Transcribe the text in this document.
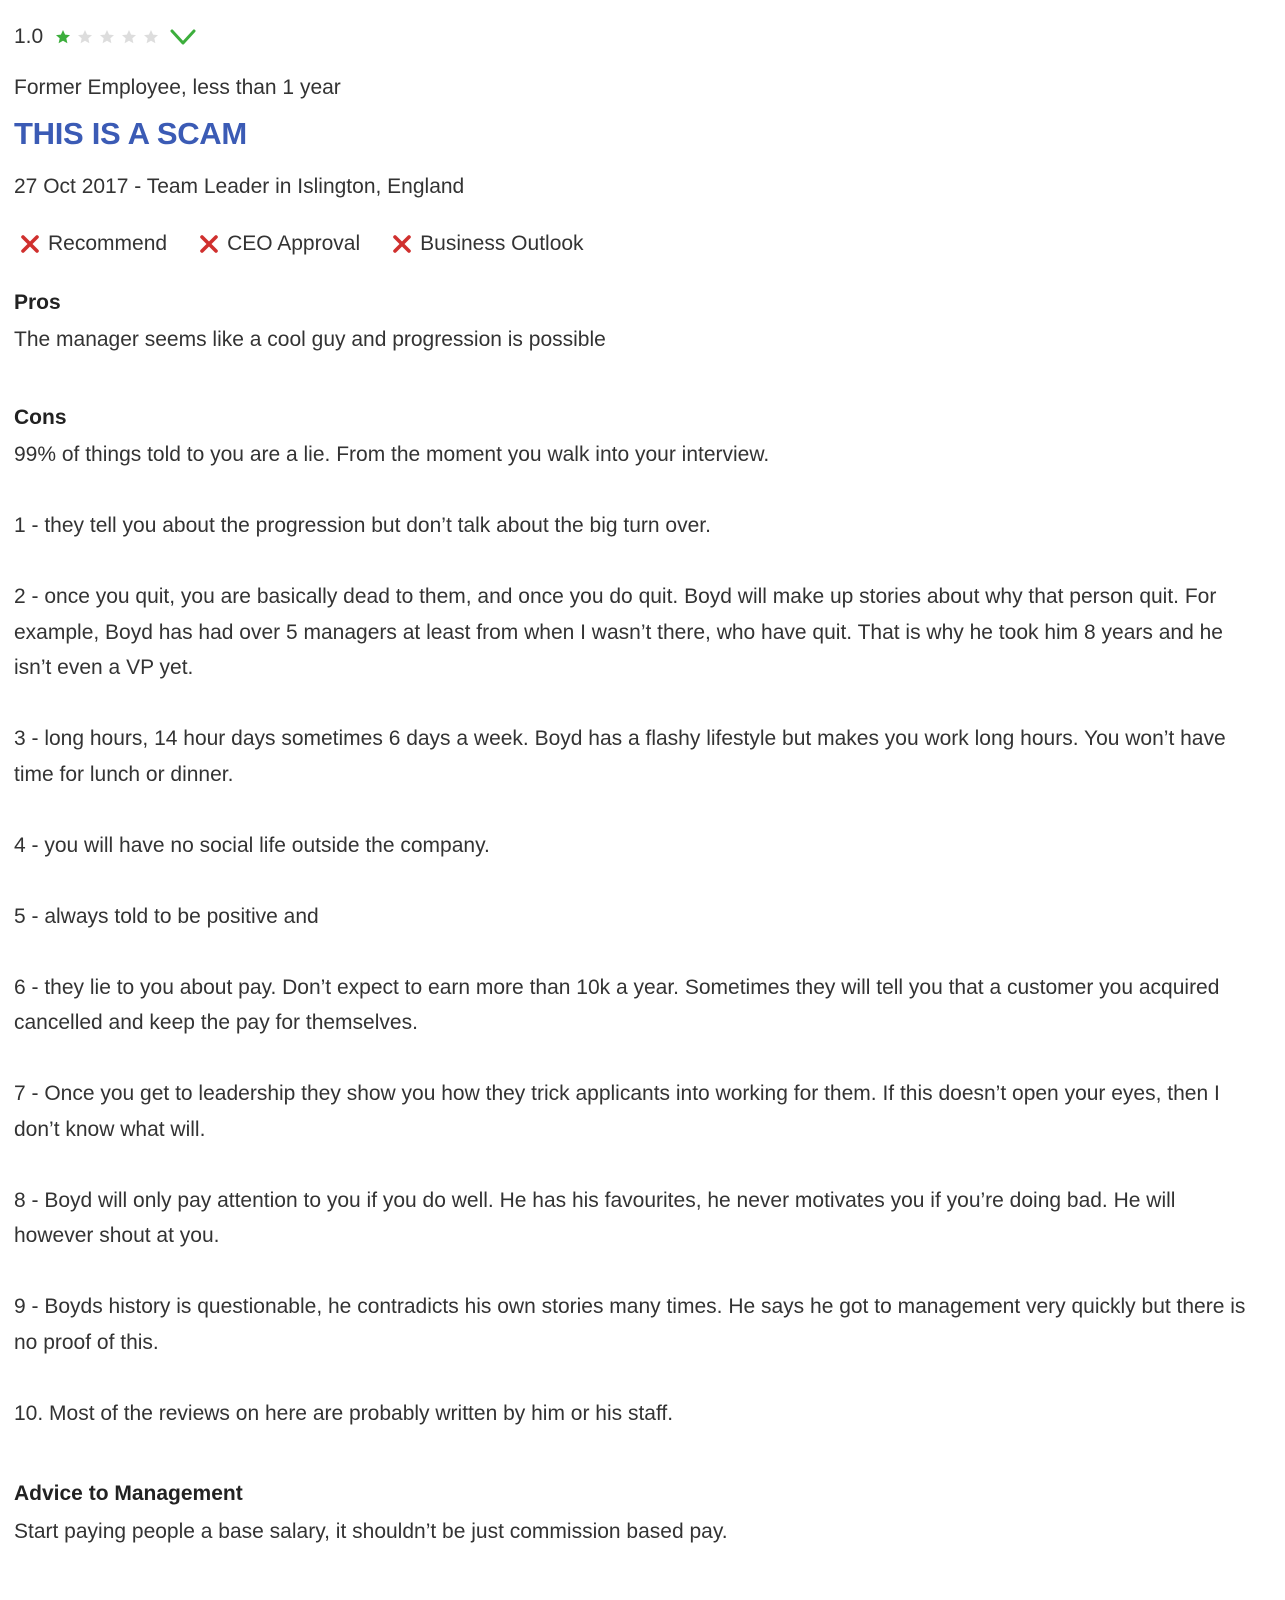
1.0
Former Employee, less than 1 year
THIS IS A SCAM
27 Oct 2017 - Team Leader in Islington, England
Recommend	CEO Approval	Business Outlook
Pros
The manager seems like a cool guy and progression is possible
Cons

99% of things told to you are a lie. From the moment you walk into your interview.

1 - they tell you about the progression but don’t talk about the big turn over.

2 - once you quit, you are basically dead to them, and once you do quit. Boyd will make up stories about why that person quit. For example, Boyd has had over 5 managers at least from when I wasn’t there, who have quit. That is why he took him 8 years and he isn’t even a VP yet.

3 - long hours, 14 hour days sometimes 6 days a week. Boyd has a flashy lifestyle but makes you work long hours. You won’t have time for lunch or dinner.

4 - you will have no social life outside the company.

5 - always told to be positive and

6 - they lie to you about pay. Don’t expect to earn more than 10k a year. Sometimes they will tell you that a customer you acquired cancelled and keep the pay for themselves.

7 - Once you get to leadership they show you how they trick applicants into working for them. If this doesn’t open your eyes, then I don’t know what will.

8 - Boyd will only pay attention to you if you do well. He has his favourites, he never motivates you if you’re doing bad. He will however shout at you.

9 - Boyds history is questionable, he contradicts his own stories many times. He says he got to management very quickly but there is no proof of this.

10. Most of the reviews on here are probably written by him or his staff.

Advice to Management
Start paying people a base salary, it shouldn’t be just commission based pay.
